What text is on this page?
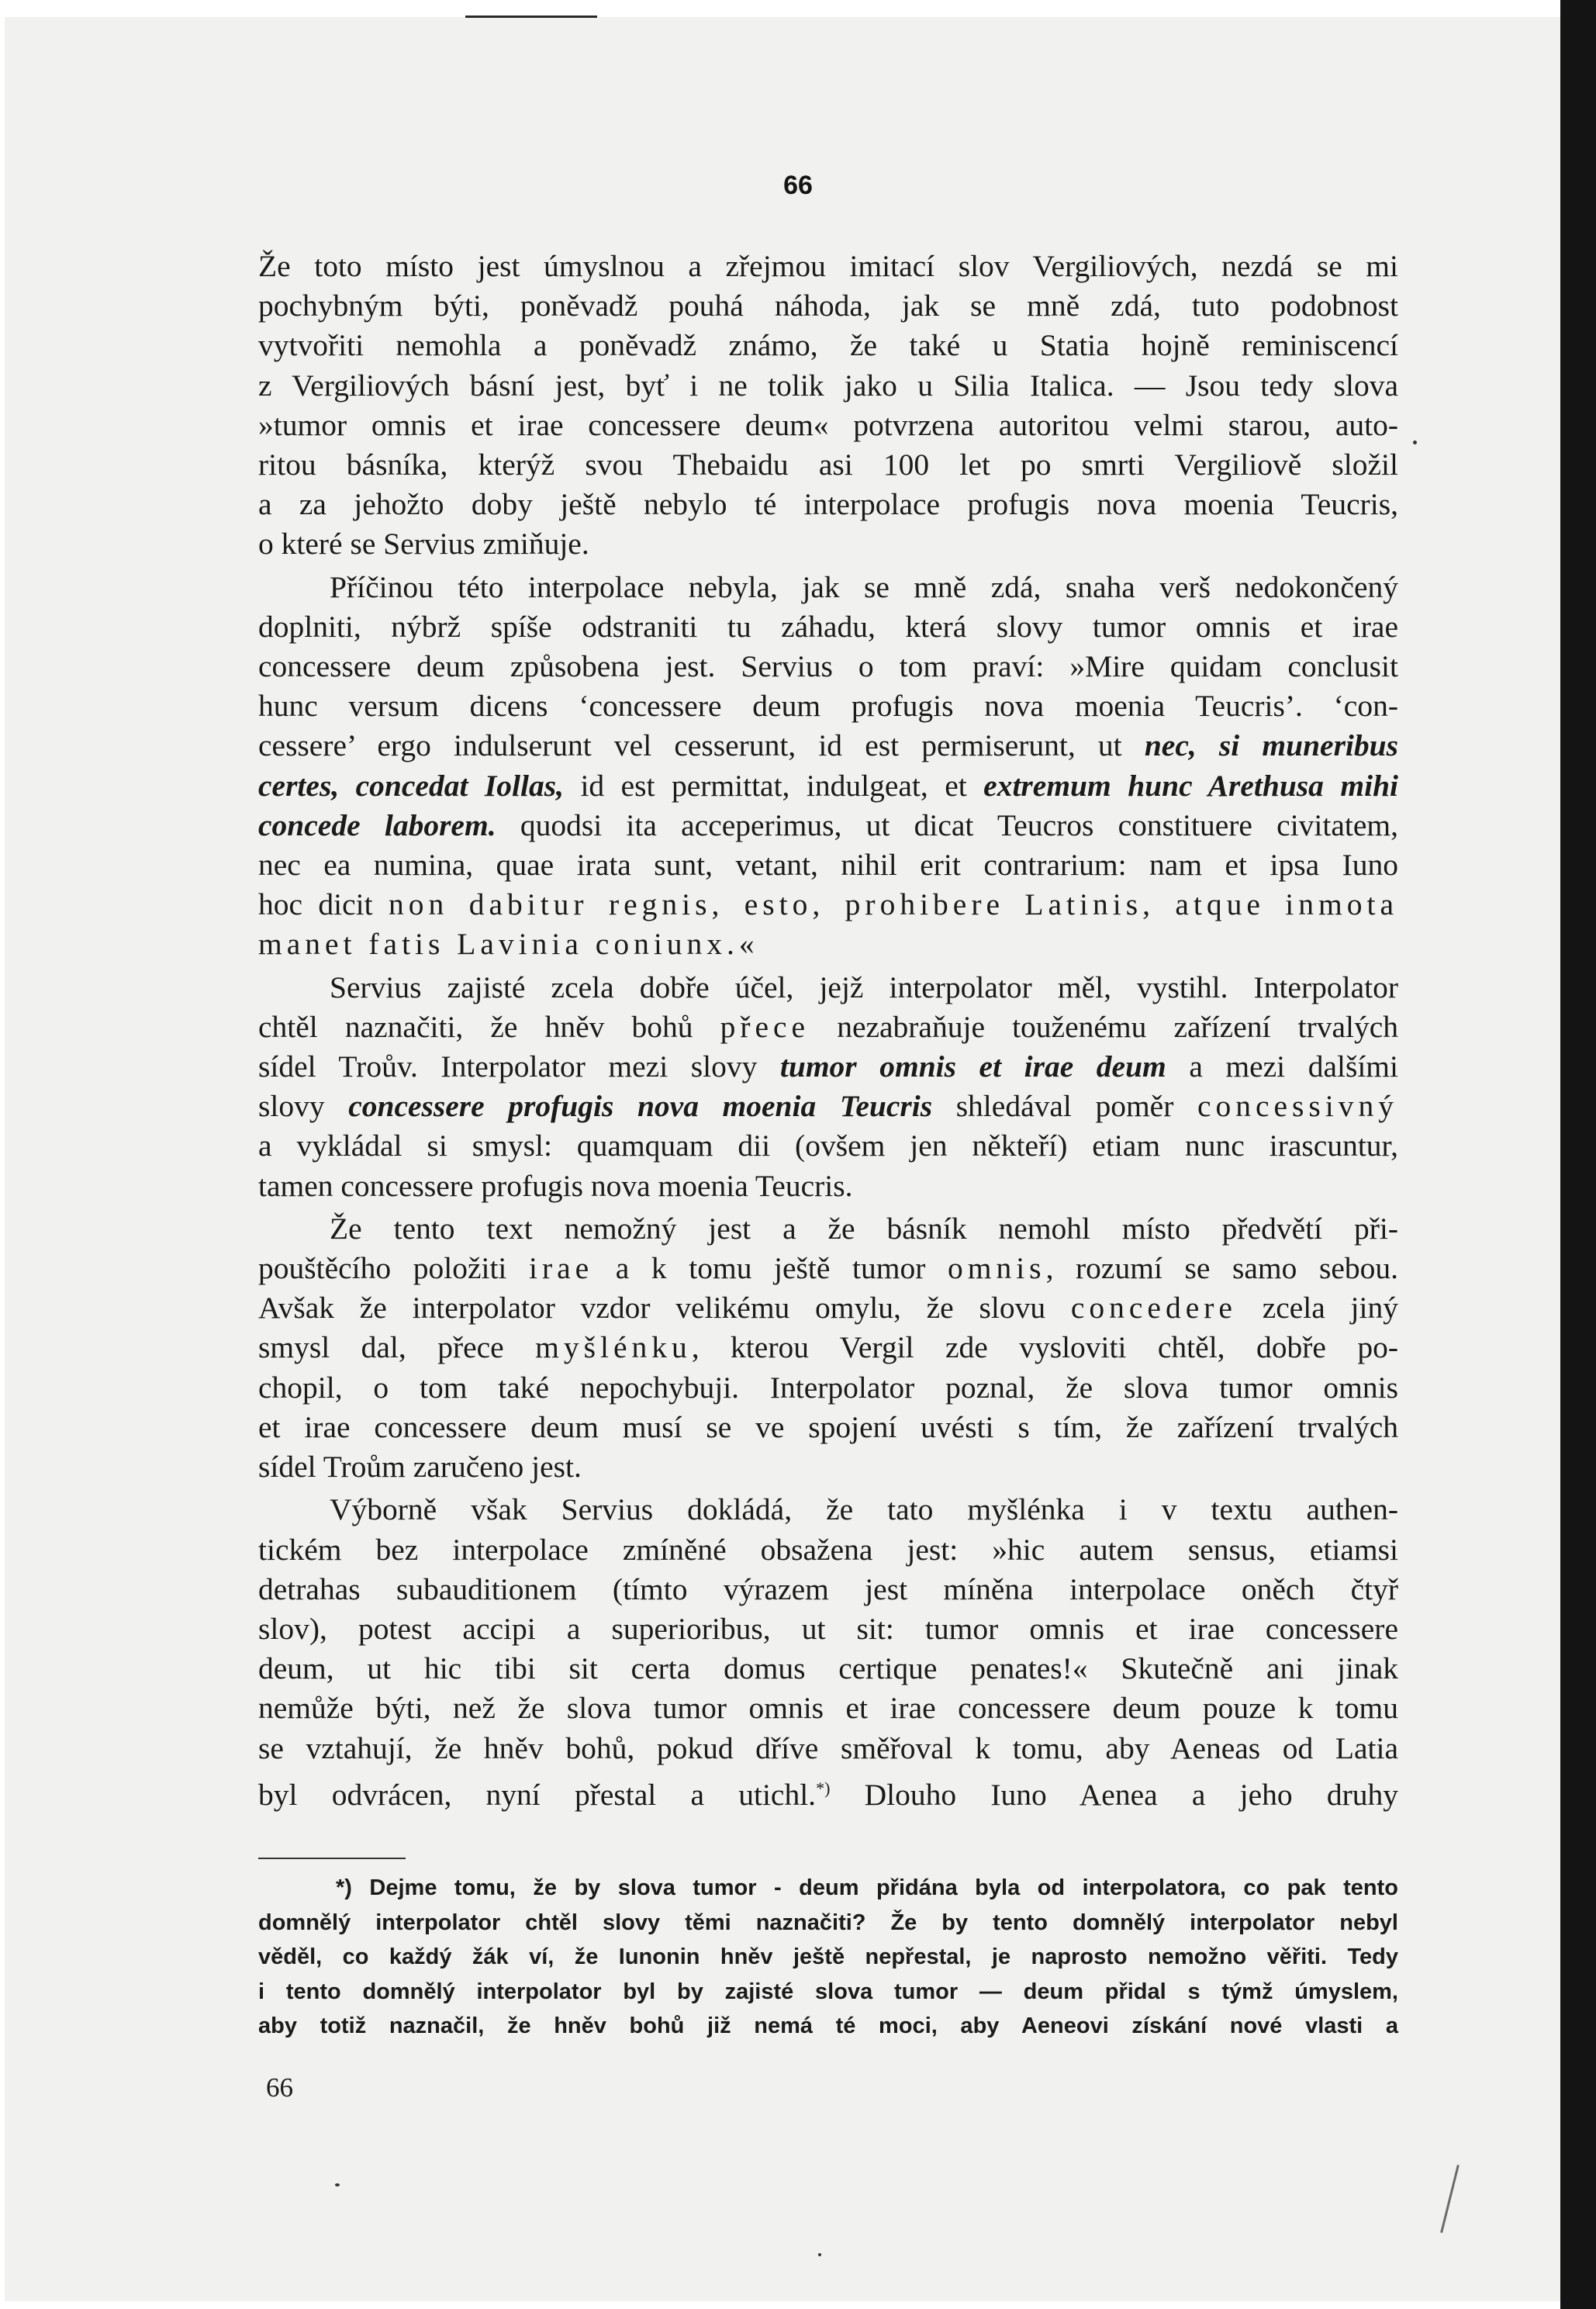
66
Že toto místo jest úmyslnou a zřejmou imitací slov Vergiliových, nezdá se mi
pochybným býti, poněvadž pouhá náhoda, jak se mně zdá, tuto podobnost
vytvořiti nemohla a poněvadž známo, že také u Statia hojně reminiscencí
z Vergiliových básní jest, byť i ne tolik jako u Silia Italica. — Jsou tedy slova
»tumor omnis et irae concessere deum« potvrzena autoritou velmi starou, auto-
ritou básníka, kterýž svou Thebaidu asi 100 let po smrti Vergiliově složil
a za jehožto doby ještě nebylo té interpolace profugis nova moenia Teucris,
o které se Servius zmiňuje.
Příčinou této interpolace nebyla, jak se mně zdá, snaha verš nedokončený
doplniti, nýbrž spíše odstraniti tu záhadu, která slovy tumor omnis et irae
concessere deum způsobena jest. Servius o tom praví: »Mire quidam conclusit
hunc versum dicens ‘concessere deum profugis nova moenia Teucris’. ‘con-
cessere’ ergo indulserunt vel cesserunt, id est permiserunt, ut nec, si muneribus
certes, concedat Iollas, id est permittat, indulgeat, et extremum hunc Arethusa mihi
concede laborem. quodsi ita acceperimus, ut dicat Teucros constituere civitatem,
nec ea numina, quae irata sunt, vetant, nihil erit contrarium: nam et ipsa Iuno
hoc dicit non dabitur regnis, esto, prohibere Latinis, atque inmota
manet fatis Lavinia coniunx.«
Servius zajisté zcela dobře účel, jejž interpolator měl, vystihl. Interpolator
chtěl naznačiti, že hněv bohů přece nezabraňuje touženému zařízení trvalých
sídel Troův. Interpolator mezi slovy tumor omnis et irae deum a mezi dalšími
slovy concessere profugis nova moenia Teucris shledával poměr concessivný
a vykládal si smysl: quamquam dii (ovšem jen někteří) etiam nunc irascuntur,
tamen concessere profugis nova moenia Teucris.
Že tento text nemožný jest a že básník nemohl místo předvětí při-
pouštěcího položiti irae a k tomu ještě tumor omnis, rozumí se samo sebou.
Avšak že interpolator vzdor velikému omylu, že slovu concedere zcela jiný
smysl dal, přece myšlénku, kterou Vergil zde vysloviti chtěl, dobře po-
chopil, o tom také nepochybuji. Interpolator poznal, že slova tumor omnis
et irae concessere deum musí se ve spojení uvésti s tím, že zařízení trvalých
sídel Troům zaručeno jest.
Výborně však Servius dokládá, že tato myšlénka i v textu authen-
tickém bez interpolace zmíněné obsažena jest: »hic autem sensus, etiamsi
detrahas subauditionem (tímto výrazem jest míněna interpolace oněch čtyř
slov), potest accipi a superioribus, ut sit: tumor omnis et irae concessere
deum, ut hic tibi sit certa domus certique penates!« Skutečně ani jinak
nemůže býti, než že slova tumor omnis et irae concessere deum pouze k tomu
se vztahují, že hněv bohů, pokud dříve směřoval k tomu, aby Aeneas od Latia
byl odvrácen, nyní přestal a utichl.*) Dlouho Iuno Aenea a jeho druhy
*) Dejme tomu, že by slova tumor - deum přidána byla od interpolatora, co pak tento
domnělý interpolator chtěl slovy těmi naznačiti? Že by tento domnělý interpolator nebyl
věděl, co každý žák ví, že Iunonin hněv ještě nepřestal, je naprosto nemožno věřiti. Tedy
i tento domnělý interpolator byl by zajisté slova tumor — deum přidal s týmž úmyslem,
aby totiž naznačil, že hněv bohů již nemá té moci, aby Aeneovi získání nové vlasti a
66
